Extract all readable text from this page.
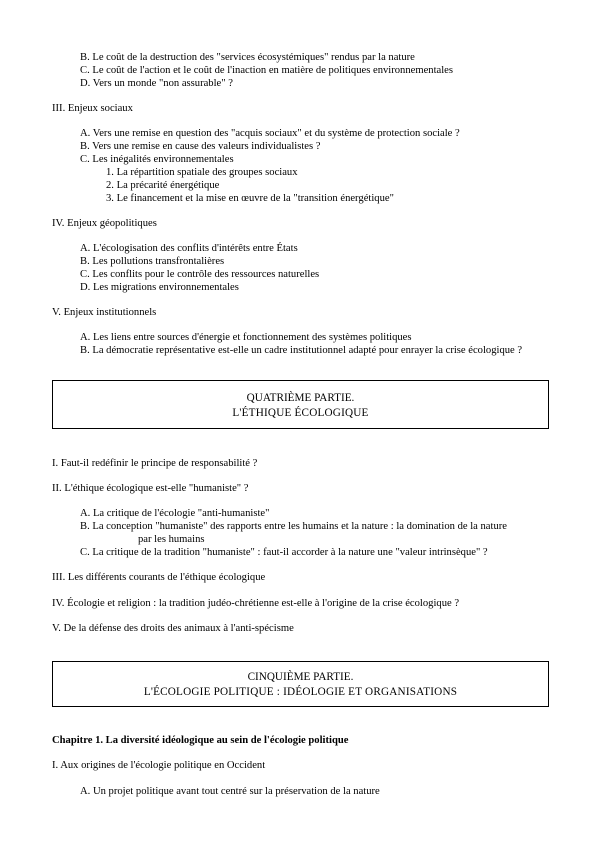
B. Le coût de la destruction des "services écosystémiques" rendus par la nature
C. Le coût de l'action et le coût de l'inaction en matière de politiques environnementales
D. Vers un monde "non assurable" ?
III. Enjeux sociaux
A. Vers une remise en question des "acquis sociaux" et du système de protection sociale ?
B. Vers une remise en cause des valeurs individualistes ?
C. Les inégalités environnementales
1. La répartition spatiale des groupes sociaux
2. La précarité énergétique
3. Le financement et la mise en œuvre de la "transition énergétique"
IV. Enjeux géopolitiques
A. L'écologisation des conflits d'intérêts entre États
B. Les pollutions transfrontalières
C. Les conflits pour le contrôle des ressources naturelles
D. Les migrations environnementales
V. Enjeux institutionnels
A. Les liens entre sources d'énergie et fonctionnement des systèmes politiques
B. La démocratie représentative est-elle un cadre institutionnel adapté pour enrayer la crise écologique ?
QUATRIÈME PARTIE.
L'ÉTHIQUE ÉCOLOGIQUE
I. Faut-il redéfinir le principe de responsabilité ?
II. L'éthique écologique est-elle "humaniste" ?
A. La critique de l'écologie "anti-humaniste"
B. La conception "humaniste" des rapports entre les humains et la nature : la domination de la nature
par les humains
C. La critique de la tradition "humaniste" : faut-il accorder à la nature une "valeur intrinsèque" ?
III. Les différents courants de l'éthique écologique
IV. Écologie et religion : la tradition judéo-chrétienne est-elle à l'origine de la crise écologique ?
V. De la défense des droits des animaux à l'anti-spécisme
CINQUIÈME PARTIE.
L'ÉCOLOGIE POLITIQUE : IDÉOLOGIE ET ORGANISATIONS
Chapitre 1. La diversité idéologique au sein de l'écologie politique
I. Aux origines de l'écologie politique en Occident
A. Un projet politique avant tout centré sur la préservation de la nature
